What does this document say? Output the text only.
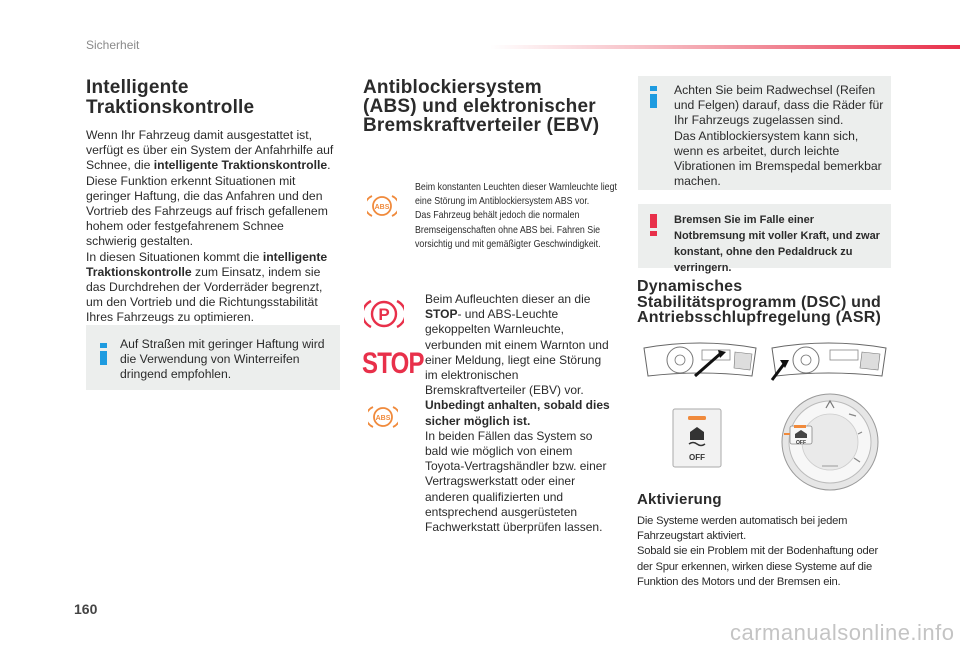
Sicherheit
Intelligente
Traktionskontrolle

Wenn Ihr Fahrzeug damit ausgestattet ist, verfügt es über ein System der Anfahrhilfe auf Schnee, die intelligente Traktionskontrolle. Diese Funktion erkennt Situationen mit geringer Haftung, die das Anfahren und den Vortrieb des Fahrzeugs auf frisch gefallenem hohem oder festgefahrenem Schnee schwierig gestalten.

In diesen Situationen kommt die intelligente Traktionskontrolle zum Einsatz, indem sie das Durchdrehen der Vorderräder begrenzt, um den Vortrieb und die Richtungsstabilität Ihres Fahrzeugs zu optimieren.

Auf Straßen mit geringer Haftung wird die Verwendung von Winterreifen dringend empfohlen.

Antiblockiersystem
(ABS) und elektronischer
Bremskraftverteiler (EBV)
ABS
Beim konstanten Leuchten dieser Warnleuchte liegt eine Störung im Antiblockiersystem ABS vor.
Das Fahrzeug behält jedoch die normalen Bremseigenschaften ohne ABS bei. Fahren Sie vorsichtig und mit gemäßigter Geschwindigkeit.
P
STOP
ABS

Beim Aufleuchten dieser an die STOP- und ABS-Leuchte gekoppelten Warnleuchte, verbunden mit einem Warnton und einer Meldung, liegt eine Störung im elektronischen Bremskraftverteiler (EBV) vor.

Unbedingt anhalten, sobald dies sicher möglich ist.

In beiden Fällen das System so bald wie möglich von einem Toyota-Vertragshändler bzw. einer Vertragswerkstatt oder einer anderen qualifizierten und entsprechend ausgerüsteten Fachwerkstatt überprüfen lassen.

Achten Sie beim Radwechsel (Reifen und Felgen) darauf, dass die Räder für Ihr Fahrzeugs zugelassen sind.

Das Antiblockiersystem kann sich, wenn es arbeitet, durch leichte Vibrationen im Bremspedal bemerkbar machen.

Bremsen Sie im Falle einer Notbremsung mit voller Kraft, und zwar konstant, ohne den Pedaldruck zu verringern.

Dynamisches
Stabilitätsprogramm (DSC) und
Antriebsschlupfregelung (ASR)
OFF
OFF
Aktivierung

Die Systeme werden automatisch bei jedem Fahrzeugstart aktiviert.

Sobald sie ein Problem mit der Bodenhaftung oder der Spur erkennen, wirken diese Systeme auf die Funktion des Motors und der Bremsen ein.

160
carmanualsonline.info
